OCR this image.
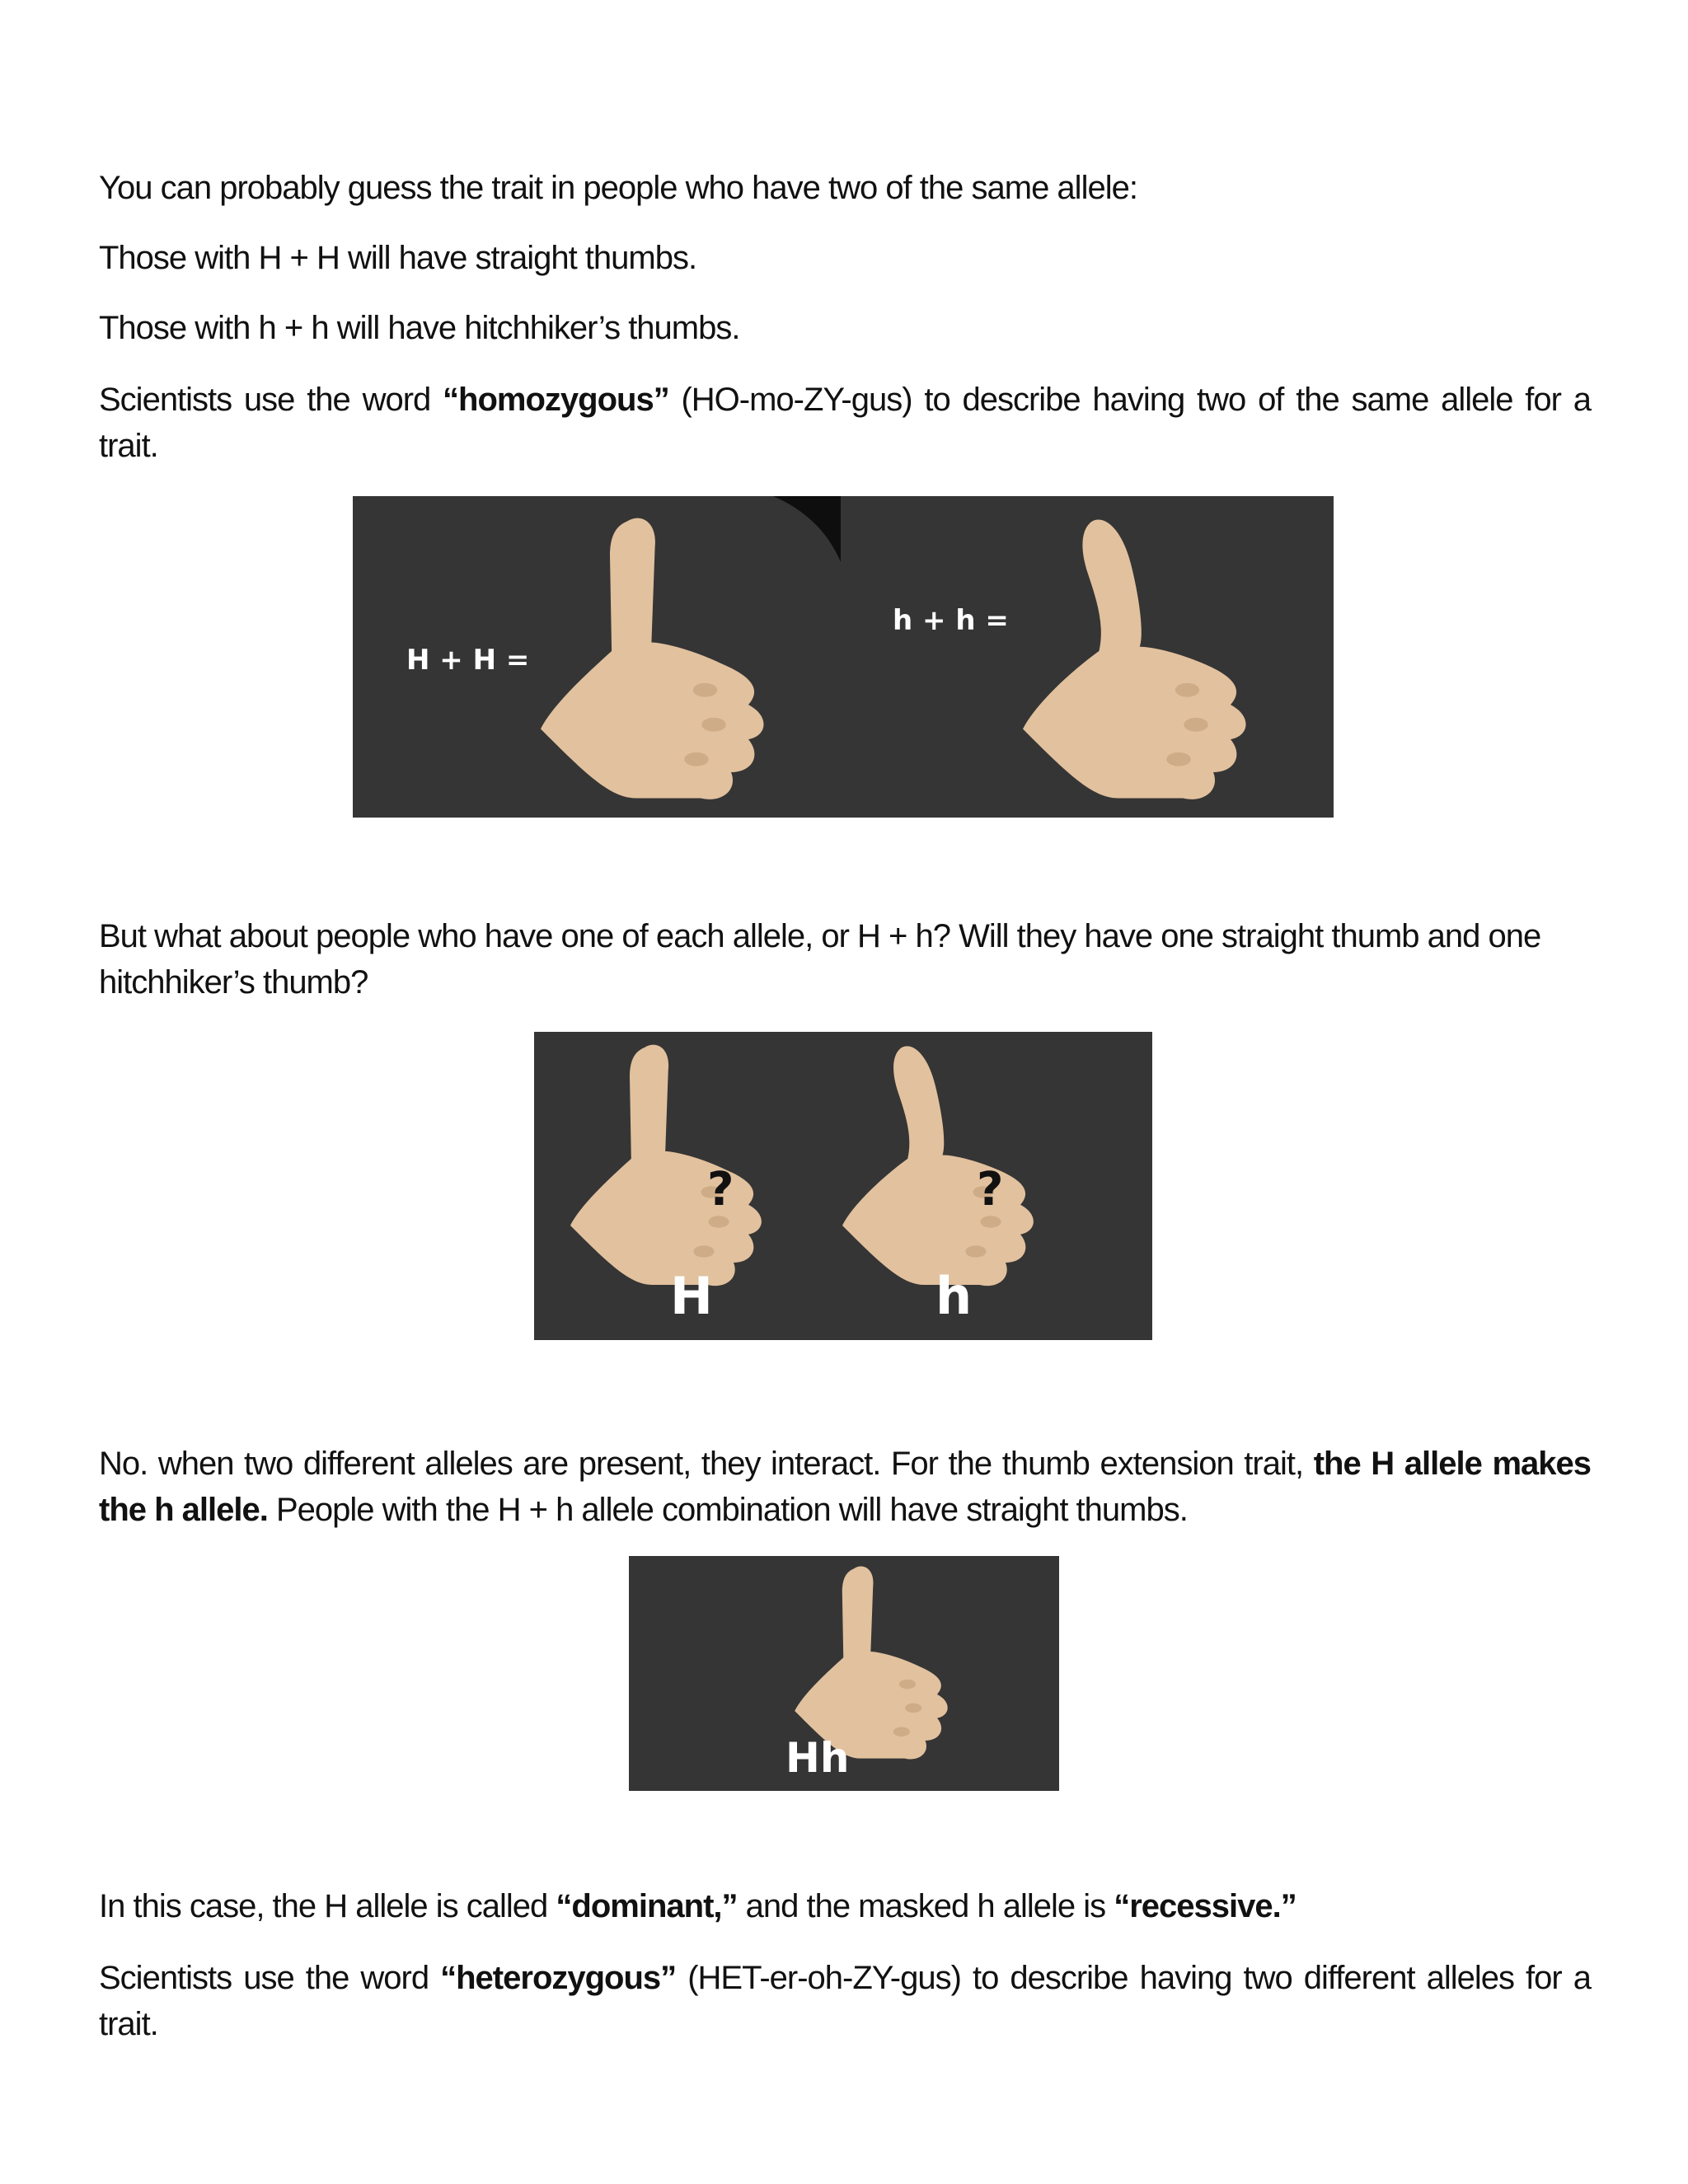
You can probably guess the trait in people who have two of the same allele:

Those with H + H will have straight thumbs.

Those with h + h will have hitchhiker’s thumbs.

Scientists use the word “homozygous” (HO-mo-ZY-gus) to describe having two of the same allele for a trait.

H + H =
h + h =

But what about people who have one of each allele, or H + h? Will they have one straight thumb and one hitchhiker’s thumb?

?	?
H	h

No. when two different alleles are present, they interact. For the thumb extension trait, the H allele makes the h allele. People with the H + h allele combination will have straight thumbs.

Hh

In this case, the H allele is called “dominant,” and the masked h allele is “recessive.”

Scientists use the word “heterozygous” (HET-er-oh-ZY-gus) to describe having two different alleles for a trait.
